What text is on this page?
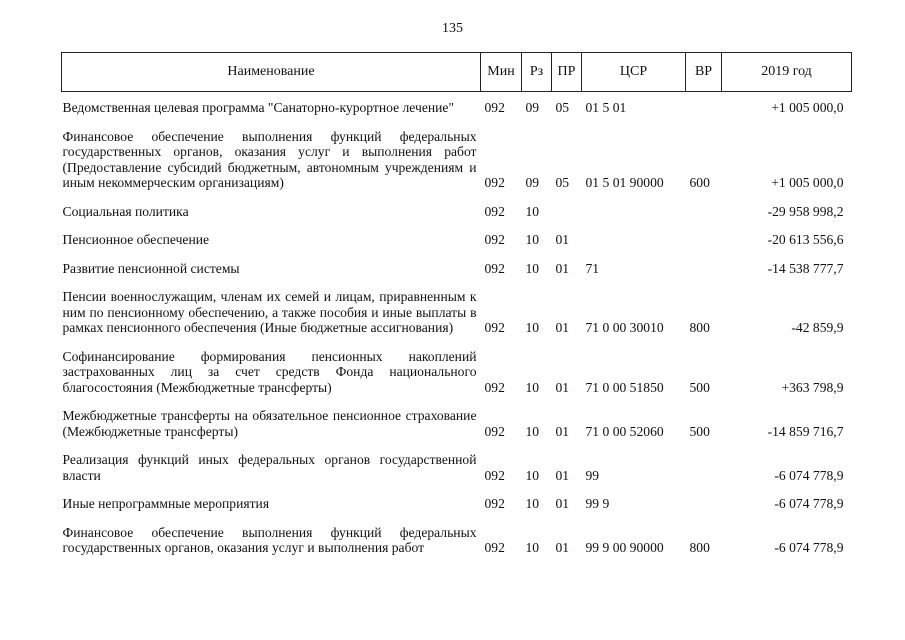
135
Наименование	Мин	Рз	ПР	ЦСР	ВР	2019 год

Ведомственная целевая программа "Санаторно-курортное лечение"	092	09	05	01 5 01		+1 005 000,0

Финансовое обеспечение выполнения функций федеральных государственных органов, оказания услуг и выполнения работ (Предоставление субсидий бюджетным, автономным учреждениям и иным некоммерческим организациям)	092	09	05	01 5 01 90000	600	+1 005 000,0

Социальная политика	092	10				-29 958 998,2

Пенсионное обеспечение	092	10	01			-20 613 556,6

Развитие пенсионной системы	092	10	01	71		-14 538 777,7

Пенсии военнослужащим, членам их семей и лицам, приравненным к ним по пенсионному обеспечению, а также пособия и иные выплаты в рамках пенсионного обеспечения (Иные бюджетные ассигнования)	092	10	01	71 0 00 30010	800	-42 859,9

Софинансирование формирования пенсионных накоплений застрахованных лиц за счет средств Фонда национального благосостояния (Межбюджетные трансферты)	092	10	01	71 0 00 51850	500	+363 798,9

Межбюджетные трансферты на обязательное пенсионное страхование (Межбюджетные трансферты)	092	10	01	71 0 00 52060	500	-14 859 716,7

Реализация функций иных федеральных органов государственной власти	092	10	01	99		-6 074 778,9

Иные непрограммные мероприятия	092	10	01	99 9		-6 074 778,9

Финансовое обеспечение выполнения функций федеральных государственных органов, оказания услуг и выполнения работ	092	10	01	99 9 00 90000	800	-6 074 778,9
